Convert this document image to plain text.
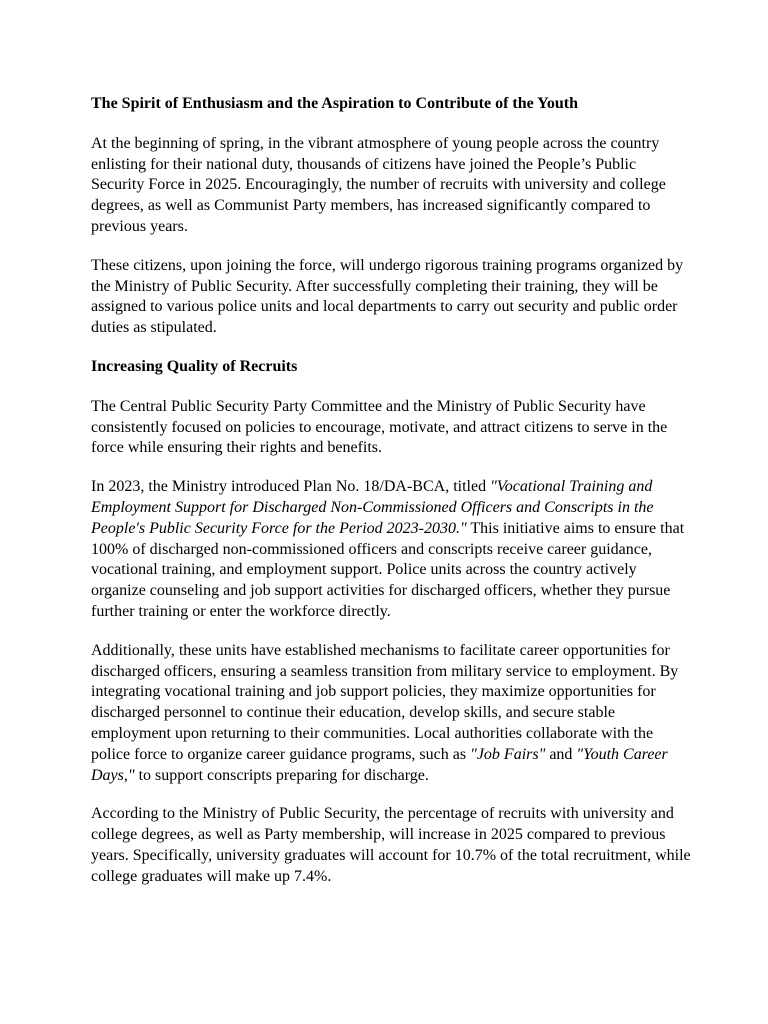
The Spirit of Enthusiasm and the Aspiration to Contribute of the Youth

At the beginning of spring, in the vibrant atmosphere of young people across the country enlisting for their national duty, thousands of citizens have joined the People’s Public Security Force in 2025. Encouragingly, the number of recruits with university and college degrees, as well as Communist Party members, has increased significantly compared to previous years.

These citizens, upon joining the force, will undergo rigorous training programs organized by the Ministry of Public Security. After successfully completing their training, they will be assigned to various police units and local departments to carry out security and public order duties as stipulated.

Increasing Quality of Recruits

The Central Public Security Party Committee and the Ministry of Public Security have consistently focused on policies to encourage, motivate, and attract citizens to serve in the force while ensuring their rights and benefits.

In 2023, the Ministry introduced Plan No. 18/DA-BCA, titled "Vocational Training and Employment Support for Discharged Non-Commissioned Officers and Conscripts in the People's Public Security Force for the Period 2023-2030." This initiative aims to ensure that 100% of discharged non-commissioned officers and conscripts receive career guidance, vocational training, and employment support. Police units across the country actively organize counseling and job support activities for discharged officers, whether they pursue further training or enter the workforce directly.

Additionally, these units have established mechanisms to facilitate career opportunities for discharged officers, ensuring a seamless transition from military service to employment. By integrating vocational training and job support policies, they maximize opportunities for discharged personnel to continue their education, develop skills, and secure stable employment upon returning to their communities. Local authorities collaborate with the police force to organize career guidance programs, such as "Job Fairs" and "Youth Career Days," to support conscripts preparing for discharge.

According to the Ministry of Public Security, the percentage of recruits with university and college degrees, as well as Party membership, will increase in 2025 compared to previous years. Specifically, university graduates will account for 10.7% of the total recruitment, while college graduates will make up 7.4%.
